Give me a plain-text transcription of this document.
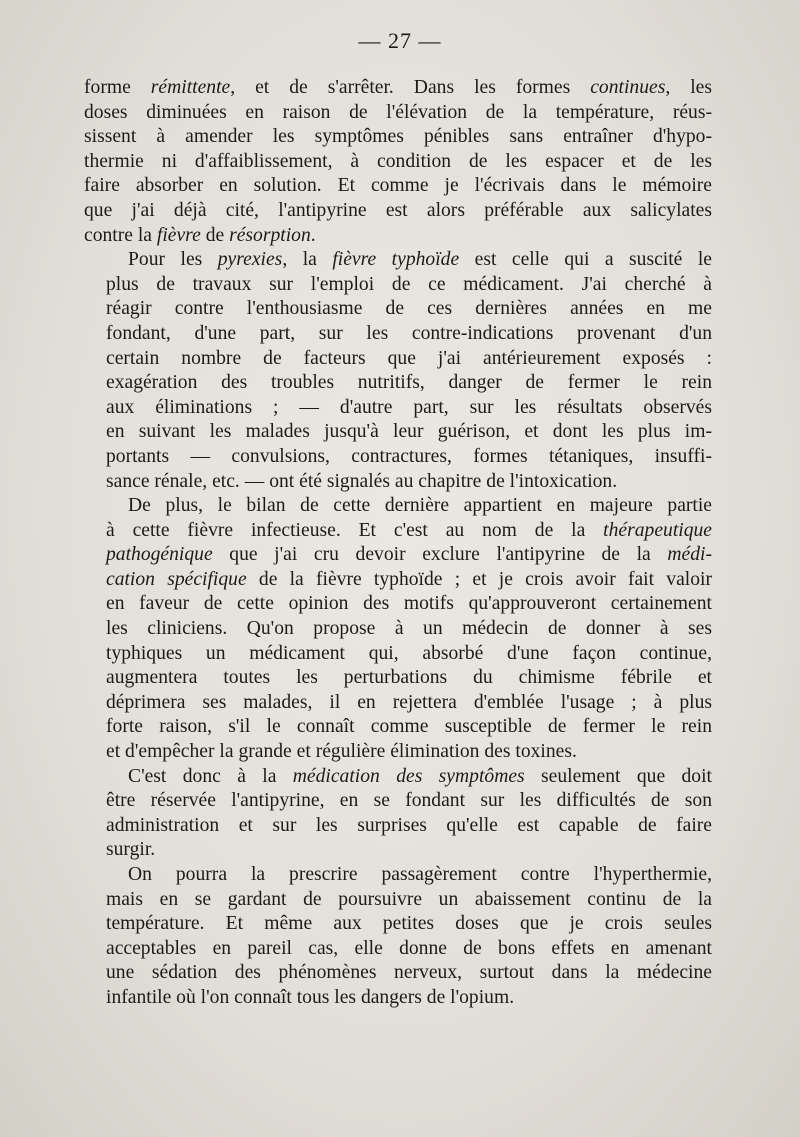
— 27 —

forme rémittente, et de s'arrêter. Dans les formes continues, les
doses diminuées en raison de l'élévation de la température, réus-
sissent à amender les symptômes pénibles sans entraîner d'hypo-
thermie ni d'affaiblissement, à condition de les espacer et de les
faire absorber en solution. Et comme je l'écrivais dans le mémoire
que j'ai déjà cité, l'antipyrine est alors préférable aux salicylates
contre la fièvre de résorption.

Pour les pyrexies, la fièvre typhoïde est celle qui a suscité le
plus de travaux sur l'emploi de ce médicament. J'ai cherché à
réagir contre l'enthousiasme de ces dernières années en me
fondant, d'une part, sur les contre-indications provenant d'un
certain nombre de facteurs que j'ai antérieurement exposés :
exagération des troubles nutritifs, danger de fermer le rein
aux éliminations ; — d'autre part, sur les résultats observés
en suivant les malades jusqu'à leur guérison, et dont les plus im-
portants — convulsions, contractures, formes tétaniques, insuffi-
sance rénale, etc. — ont été signalés au chapitre de l'intoxication.

De plus, le bilan de cette dernière appartient en majeure partie
à cette fièvre infectieuse. Et c'est au nom de la thérapeutique
pathogénique que j'ai cru devoir exclure l'antipyrine de la médi-
cation spécifique de la fièvre typhoïde ; et je crois avoir fait valoir
en faveur de cette opinion des motifs qu'approuveront certainement
les cliniciens. Qu'on propose à un médecin de donner à ses
typhiques un médicament qui, absorbé d'une façon continue,
augmentera toutes les perturbations du chimisme fébrile et
déprimera ses malades, il en rejettera d'emblée l'usage ; à plus
forte raison, s'il le connaît comme susceptible de fermer le rein
et d'empêcher la grande et régulière élimination des toxines.

C'est donc à la médication des symptômes seulement que doit
être réservée l'antipyrine, en se fondant sur les difficultés de son
administration et sur les surprises qu'elle est capable de faire
surgir.

On pourra la prescrire passagèrement contre l'hyperthermie,
mais en se gardant de poursuivre un abaissement continu de la
température. Et même aux petites doses que je crois seules
acceptables en pareil cas, elle donne de bons effets en amenant
une sédation des phénomènes nerveux, surtout dans la médecine
infantile où l'on connaît tous les dangers de l'opium.
